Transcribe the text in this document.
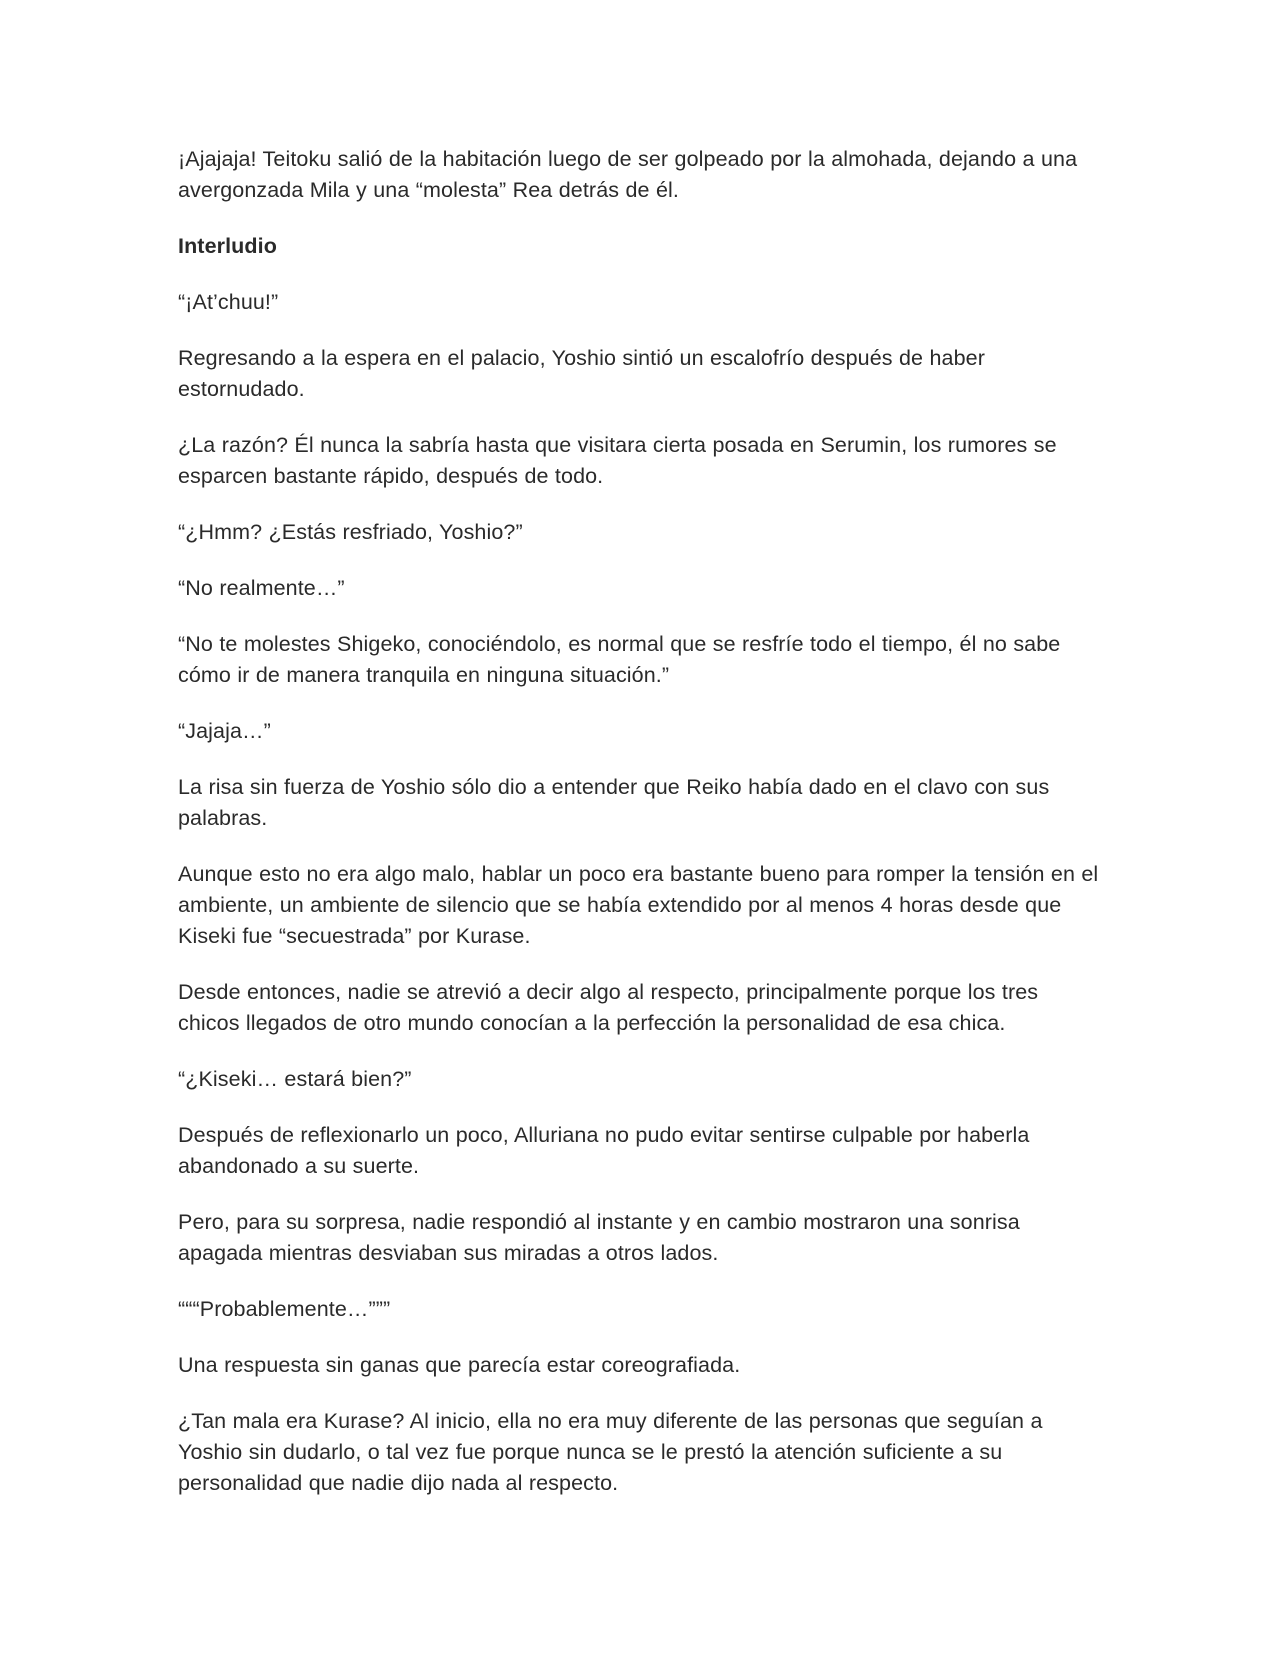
¡Ajajaja! Teitoku salió de la habitación luego de ser golpeado por la almohada, dejando a una avergonzada Mila y una “molesta” Rea detrás de él.

Interludio

“¡At’chuu!”

Regresando a la espera en el palacio, Yoshio sintió un escalofrío después de haber estornudado.

¿La razón? Él nunca la sabría hasta que visitara cierta posada en Serumin, los rumores se esparcen bastante rápido, después de todo.

“¿Hmm? ¿Estás resfriado, Yoshio?”

“No realmente…”

“No te molestes Shigeko, conociéndolo, es normal que se resfríe todo el tiempo, él no sabe cómo ir de manera tranquila en ninguna situación.”

“Jajaja…”

La risa sin fuerza de Yoshio sólo dio a entender que Reiko había dado en el clavo con sus palabras.

Aunque esto no era algo malo, hablar un poco era bastante bueno para romper la tensión en el ambiente, un ambiente de silencio que se había extendido por al menos 4 horas desde que Kiseki fue “secuestrada” por Kurase.

Desde entonces, nadie se atrevió a decir algo al respecto, principalmente porque los tres chicos llegados de otro mundo conocían a la perfección la personalidad de esa chica.

“¿Kiseki… estará bien?”

Después de reflexionarlo un poco, Alluriana no pudo evitar sentirse culpable por haberla abandonado a su suerte.

Pero, para su sorpresa, nadie respondió al instante y en cambio mostraron una sonrisa apagada mientras desviaban sus miradas a otros lados.

“““Probablemente…”””

Una respuesta sin ganas que parecía estar coreografiada.

¿Tan mala era Kurase? Al inicio, ella no era muy diferente de las personas que seguían a Yoshio sin dudarlo, o tal vez fue porque nunca se le prestó la atención suficiente a su personalidad que nadie dijo nada al respecto.
